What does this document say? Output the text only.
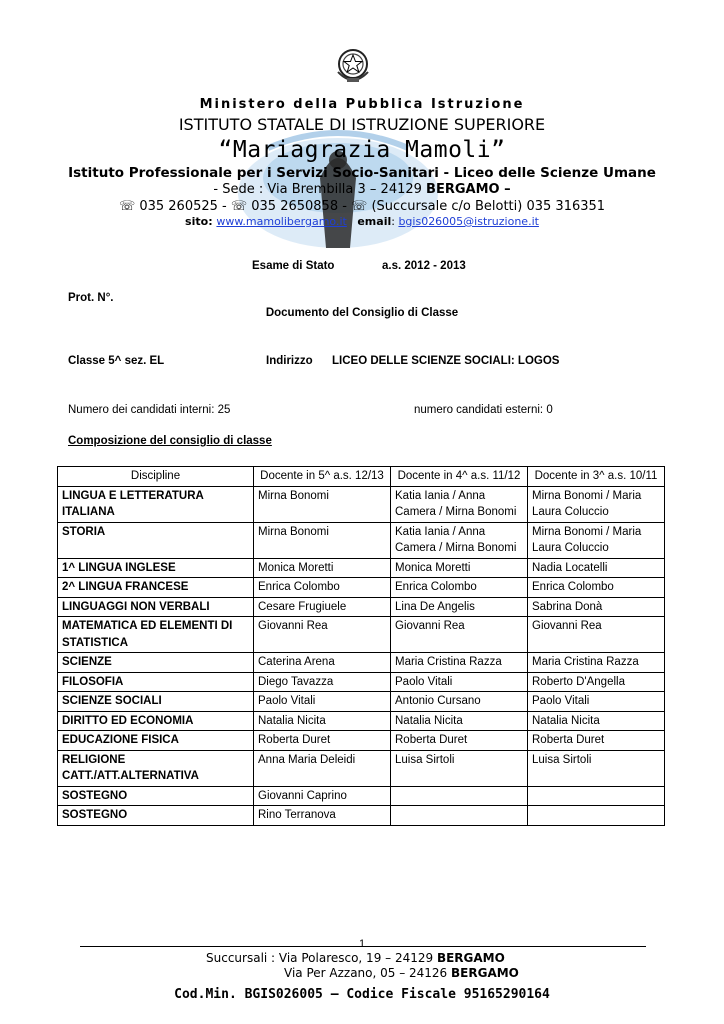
Ministero della Pubblica Istruzione
ISTITUTO STATALE DI ISTRUZIONE SUPERIORE
“Mariagrazia Mamoli”
Istituto Professionale per i Servizi Socio-Sanitari - Liceo delle Scienze Umane
- Sede : Via Brembilla 3 – 24129 BERGAMO –
☏ 035 260525 - ☏ 035 2650858 - ☏ (Succursale c/o Belotti) 035 316351
sito: www.mamolibergamo.it email: bgis026005@istruzione.it
Esame di Stato	a.s. 2012 - 2013
Prot. N°.
Documento del Consiglio di Classe
Classe 5^ sez. EL	Indirizzo LICEO DELLE SCIENZE SOCIALI: LOGOS
Numero dei candidati interni: 25	numero candidati esterni: 0
Composizione del consiglio di classe
Discipline	Docente in 5^ a.s. 12/13	Docente in 4^ a.s. 11/12	Docente in 3^ a.s. 10/11
LINGUA E LETTERATURA ITALIANA	Mirna Bonomi	Katia Iania / Anna Camera / Mirna Bonomi	Mirna Bonomi / Maria Laura Coluccio
STORIA	Mirna Bonomi	Katia Iania / Anna Camera / Mirna Bonomi	Mirna Bonomi / Maria Laura Coluccio
1^ LINGUA INGLESE	Monica Moretti	Monica Moretti	Nadia Locatelli
2^ LINGUA FRANCESE	Enrica Colombo	Enrica Colombo	Enrica Colombo
LINGUAGGI NON VERBALI	Cesare Frugiuele	Lina De Angelis	Sabrina Donà
MATEMATICA ED ELEMENTI DI STATISTICA	Giovanni Rea	Giovanni Rea	Giovanni Rea
SCIENZE	Caterina Arena	Maria Cristina Razza	Maria Cristina Razza
FILOSOFIA	Diego Tavazza	Paolo Vitali	Roberto D'Angella
SCIENZE SOCIALI	Paolo Vitali	Antonio Cursano	Paolo Vitali
DIRITTO ED ECONOMIA	Natalia Nicita	Natalia Nicita	Natalia Nicita
EDUCAZIONE FISICA	Roberta Duret	Roberta Duret	Roberta Duret
RELIGIONE CATT./ATT.ALTERNATIVA	Anna Maria Deleidi	Luisa Sirtoli	Luisa Sirtoli
SOSTEGNO	Giovanni Caprino		
SOSTEGNO	Rino Terranova		
1
Succursali : Via Polaresco, 19 – 24129 BERGAMO
Via Per Azzano, 05 – 24126 BERGAMO
Cod.Min. BGIS026005 – Codice Fiscale 95165290164
